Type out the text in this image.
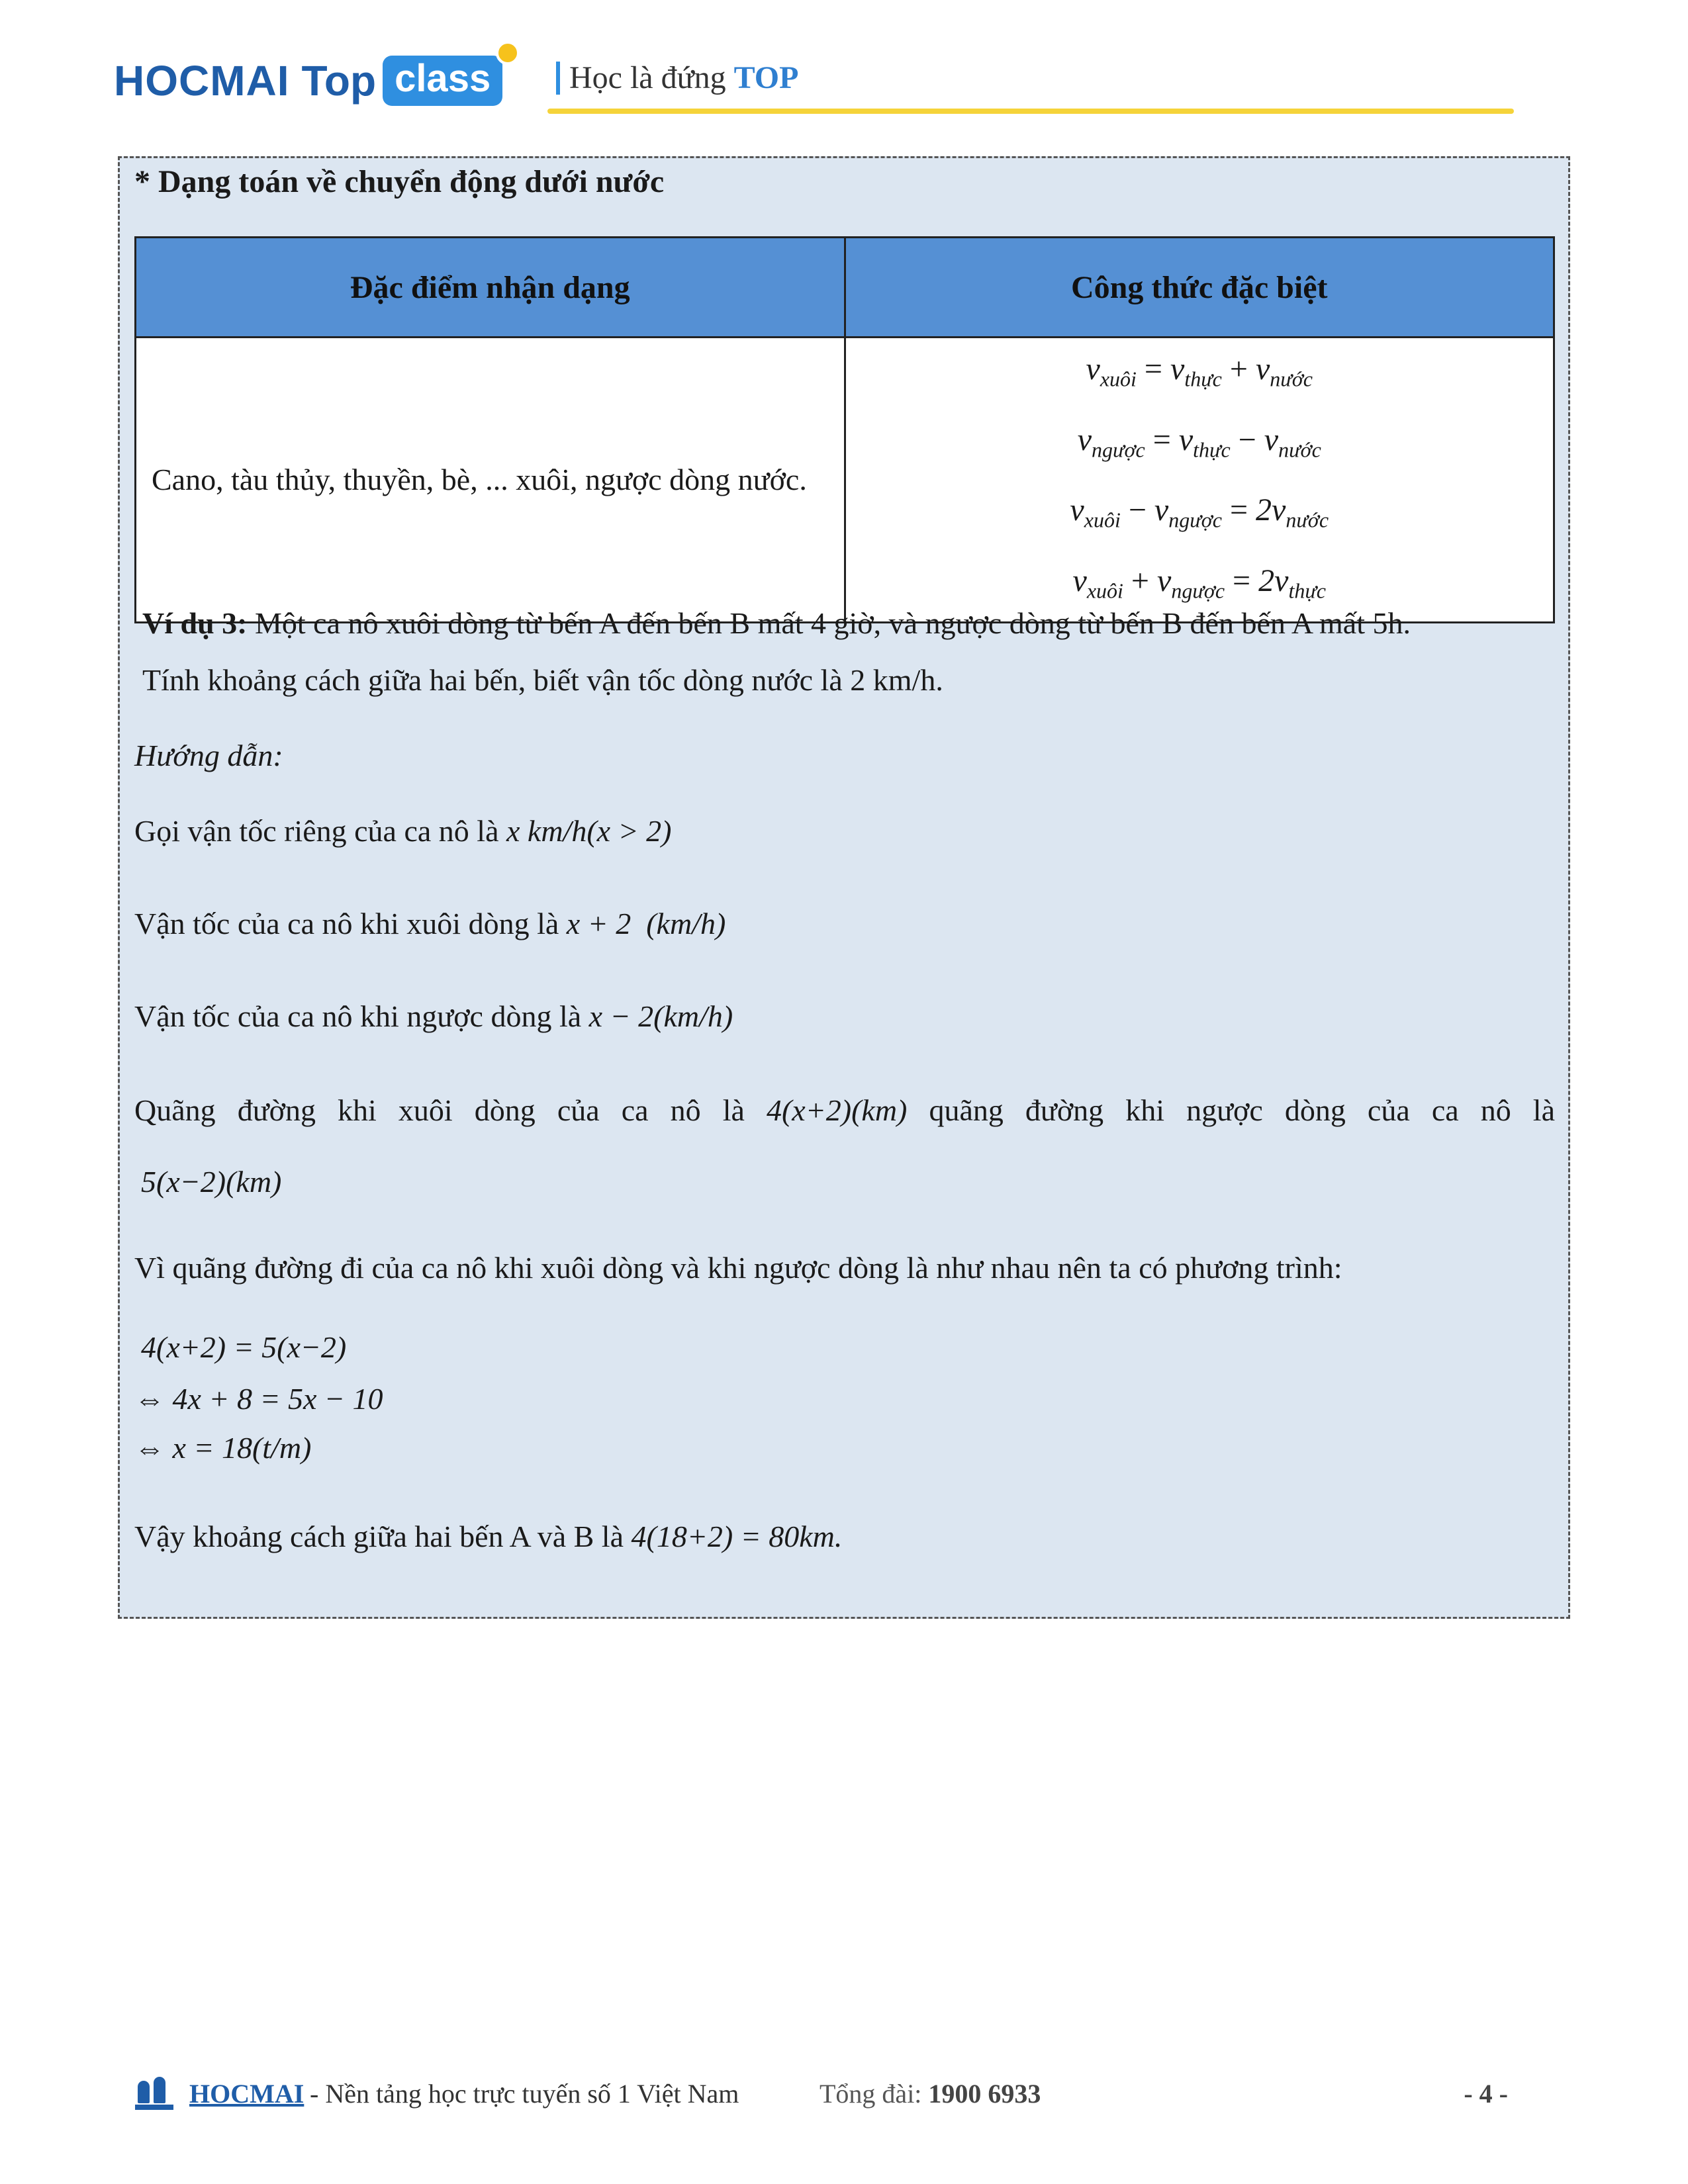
HOCMAI Top class	Học là đứng TOP
* Dạng toán về chuyển động dưới nước
Đặc điểm nhận dạng	Công thức đặc biệt

Cano, tàu thủy, thuyền, bè, ... xuôi, ngược dòng nước.	$v_{xuôi} = v_{thực} + v_{nước}$
$v_{ngược} = v_{thực} - v_{nước}$
$v_{xuôi} - v_{ngược} = 2v_{nước}$
$v_{xuôi} + v_{ngược} = 2v_{thực}$
Ví dụ 3: Một ca nô xuôi dòng từ bến A đến bến B mất 4 giờ, và ngược dòng từ bến B đến bến A mất 5h.
Tính khoảng cách giữa hai bến, biết vận tốc dòng nước là 2 km/h.
Hướng dẫn:
Gọi vận tốc riêng của ca nô là x km/h(x > 2)
Vận tốc của ca nô khi xuôi dòng là x + 2 (km/h)
Vận tốc của ca nô khi ngược dòng là x − 2(km/h)
Quãng đường khi xuôi dòng của ca nô là 4(x+2)(km) quãng đường khi ngược dòng của ca nô là
5(x−2)(km)
Vì quãng đường đi của ca nô khi xuôi dòng và khi ngược dòng là như nhau nên ta có phương trình:
4(x+2) = 5(x−2)
⇔ 4x + 8 = 5x − 10
⇔ x = 18(t/m)
Vậy khoảng cách giữa hai bến A và B là 4(18+2) = 80km.
HOCMAI - Nền tảng học trực tuyến số 1 Việt Nam	Tổng đài: 1900 6933	- 4 -
